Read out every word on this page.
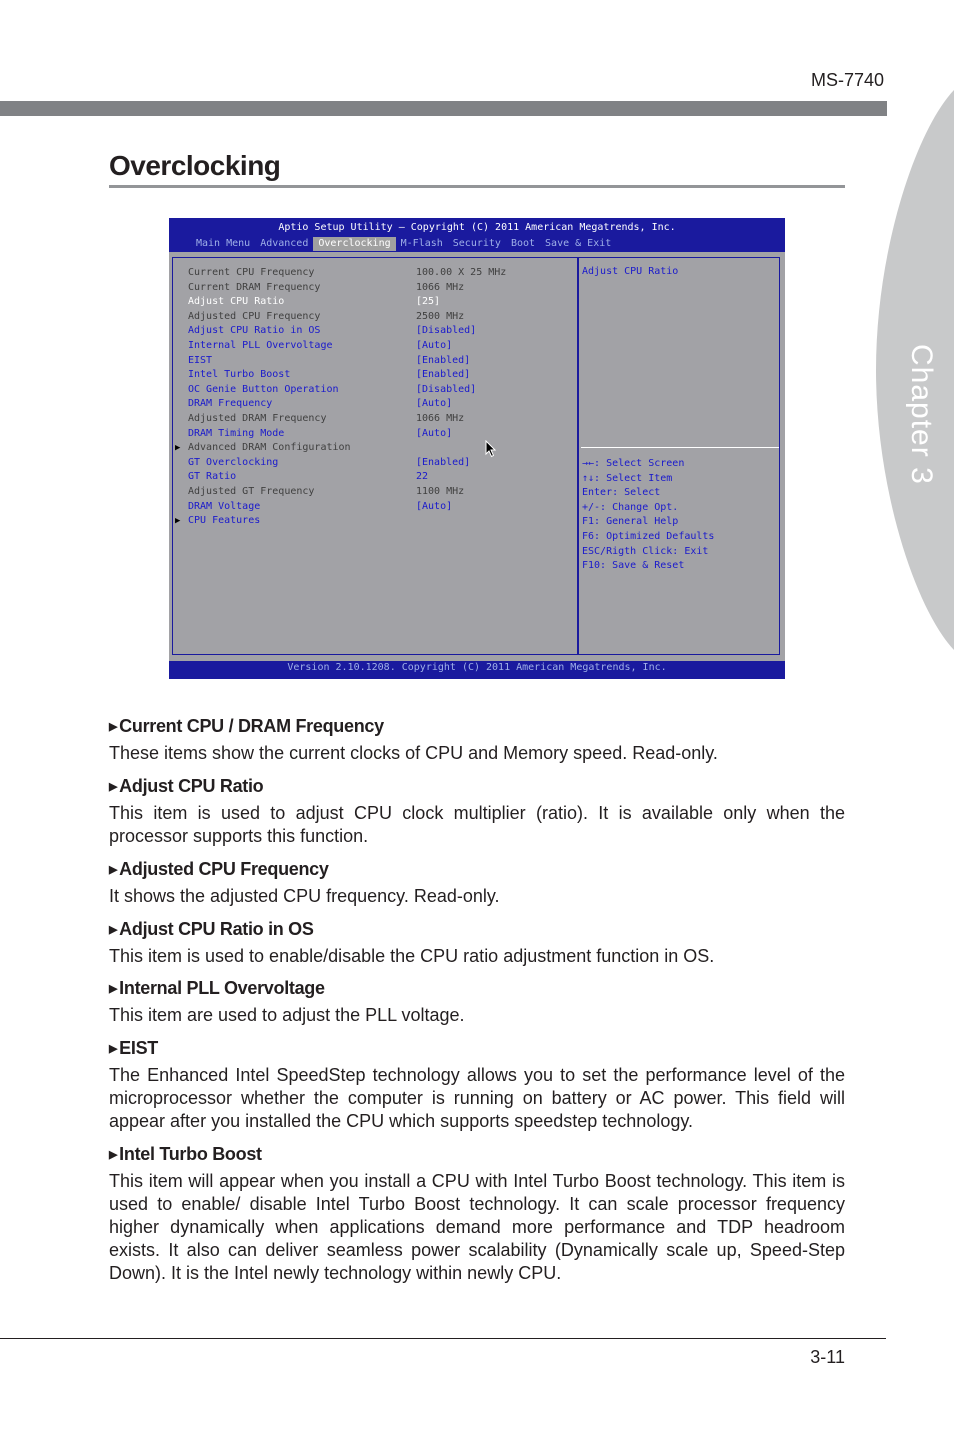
MS-7740
Overclocking
Aptio Setup Utility – Copyright (C) 2011 American Megatrends, Inc.
Main Menu	Advanced	Overclocking	M-Flash	Security	Boot	Save & Exit
Current CPU Frequency	100.00 X 25 MHz
Current DRAM Frequency	1066 MHz
Adjust CPU Ratio	[25]
Adjusted CPU Frequency	2500 MHz
Adjust CPU Ratio in OS	[Disabled]
Internal PLL Overvoltage	[Auto]
EIST	[Enabled]
Intel Turbo Boost	[Enabled]
OC Genie Button Operation	[Disabled]
DRAM Frequency	[Auto]
Adjusted DRAM Frequency	1066 MHz
DRAM Timing Mode	[Auto]
▶ Advanced DRAM Configuration
GT Overclocking	[Enabled]
GT Ratio	22
Adjusted GT Frequency	1100 MHz
DRAM Voltage	[Auto]
▶ CPU Features
Adjust CPU Ratio
→←: Select Screen
↑↓: Select Item
Enter: Select
+/-: Change Opt.
F1: General Help
F6: Optimized Defaults
ESC/Rigth Click: Exit
F10: Save & Reset
Version 2.10.1208. Copyright (C) 2011 American Megatrends, Inc.
▶ Current CPU / DRAM Frequency
These items show the current clocks of CPU and Memory speed. Read-only.
▶ Adjust CPU Ratio
This item is used to adjust CPU clock multiplier (ratio). It is available only when the processor supports this function.
▶ Adjusted CPU Frequency
It shows the adjusted CPU frequency. Read-only.
▶ Adjust CPU Ratio in OS
This item is used to enable/disable the CPU ratio adjustment function in OS.
▶ Internal PLL Overvoltage
This item are used to adjust the PLL voltage.
▶ EIST
The Enhanced Intel SpeedStep technology allows you to set the performance level of the microprocessor whether the computer is running on battery or AC power. This field will appear after you installed the CPU which supports speedstep technology.
▶ Intel Turbo Boost
This item will appear when you install a CPU with Intel Turbo Boost technology. This item is used to enable/ disable Intel Turbo Boost technology. It can scale processor frequency higher dynamically when applications demand more performance and TDP headroom exists. It also can deliver seamless power scalability (Dynamically scale up, Speed-Step Down). It is the Intel newly technology within newly CPU.
3-11
